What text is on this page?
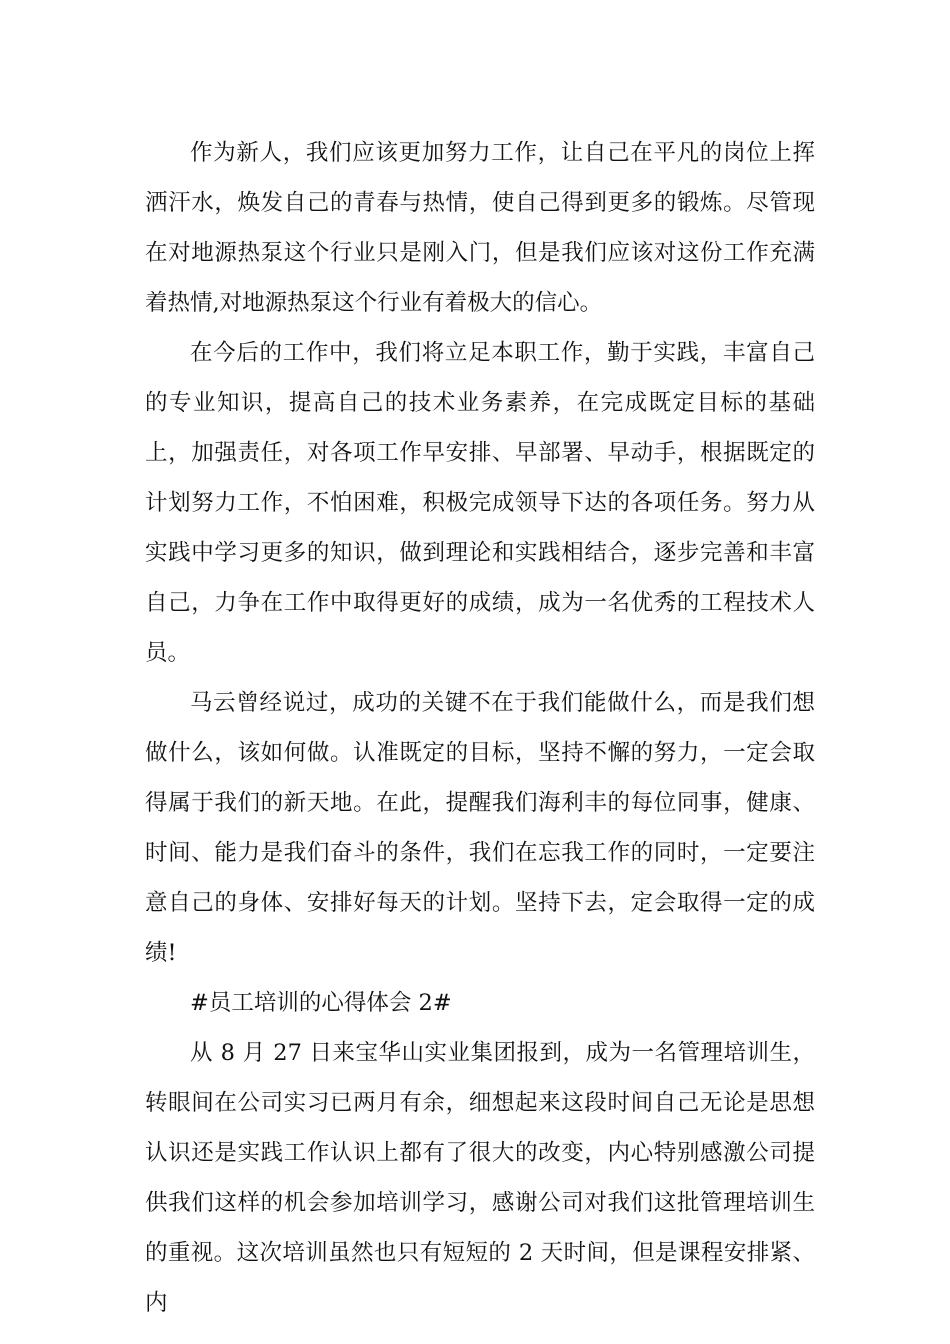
作为新人，我们应该更加努力工作，让自己在平凡的岗位上挥洒汗水，焕发自己的青春与热情，使自己得到更多的锻炼。尽管现在对地源热泵这个行业只是刚入门，但是我们应该对这份工作充满着热情,对地源热泵这个行业有着极大的信心。

在今后的工作中，我们将立足本职工作，勤于实践，丰富自己的专业知识，提高自己的技术业务素养，在完成既定目标的基础上，加强责任，对各项工作早安排、早部署、早动手，根据既定的计划努力工作，不怕困难，积极完成领导下达的各项任务。努力从实践中学习更多的知识，做到理论和实践相结合，逐步完善和丰富自己，力争在工作中取得更好的成绩，成为一名优秀的工程技术人员。

马云曾经说过，成功的关键不在于我们能做什么，而是我们想做什么，该如何做。认准既定的目标，坚持不懈的努力，一定会取得属于我们的新天地。在此，提醒我们海利丰的每位同事，健康、时间、能力是我们奋斗的条件，我们在忘我工作的同时，一定要注意自己的身体、安排好每天的计划。坚持下去，定会取得一定的成绩!

#员工培训的心得体会 2#

从 8 月 27 日来宝华山实业集团报到，成为一名管理培训生，转眼间在公司实习已两月有余，细想起来这段时间自己无论是思想认识还是实践工作认识上都有了很大的改变，内心特别感激公司提供我们这样的机会参加培训学习，感谢公司对我们这批管理培训生的重视。这次培训虽然也只有短短的 2 天时间，但是课程安排紧、内
